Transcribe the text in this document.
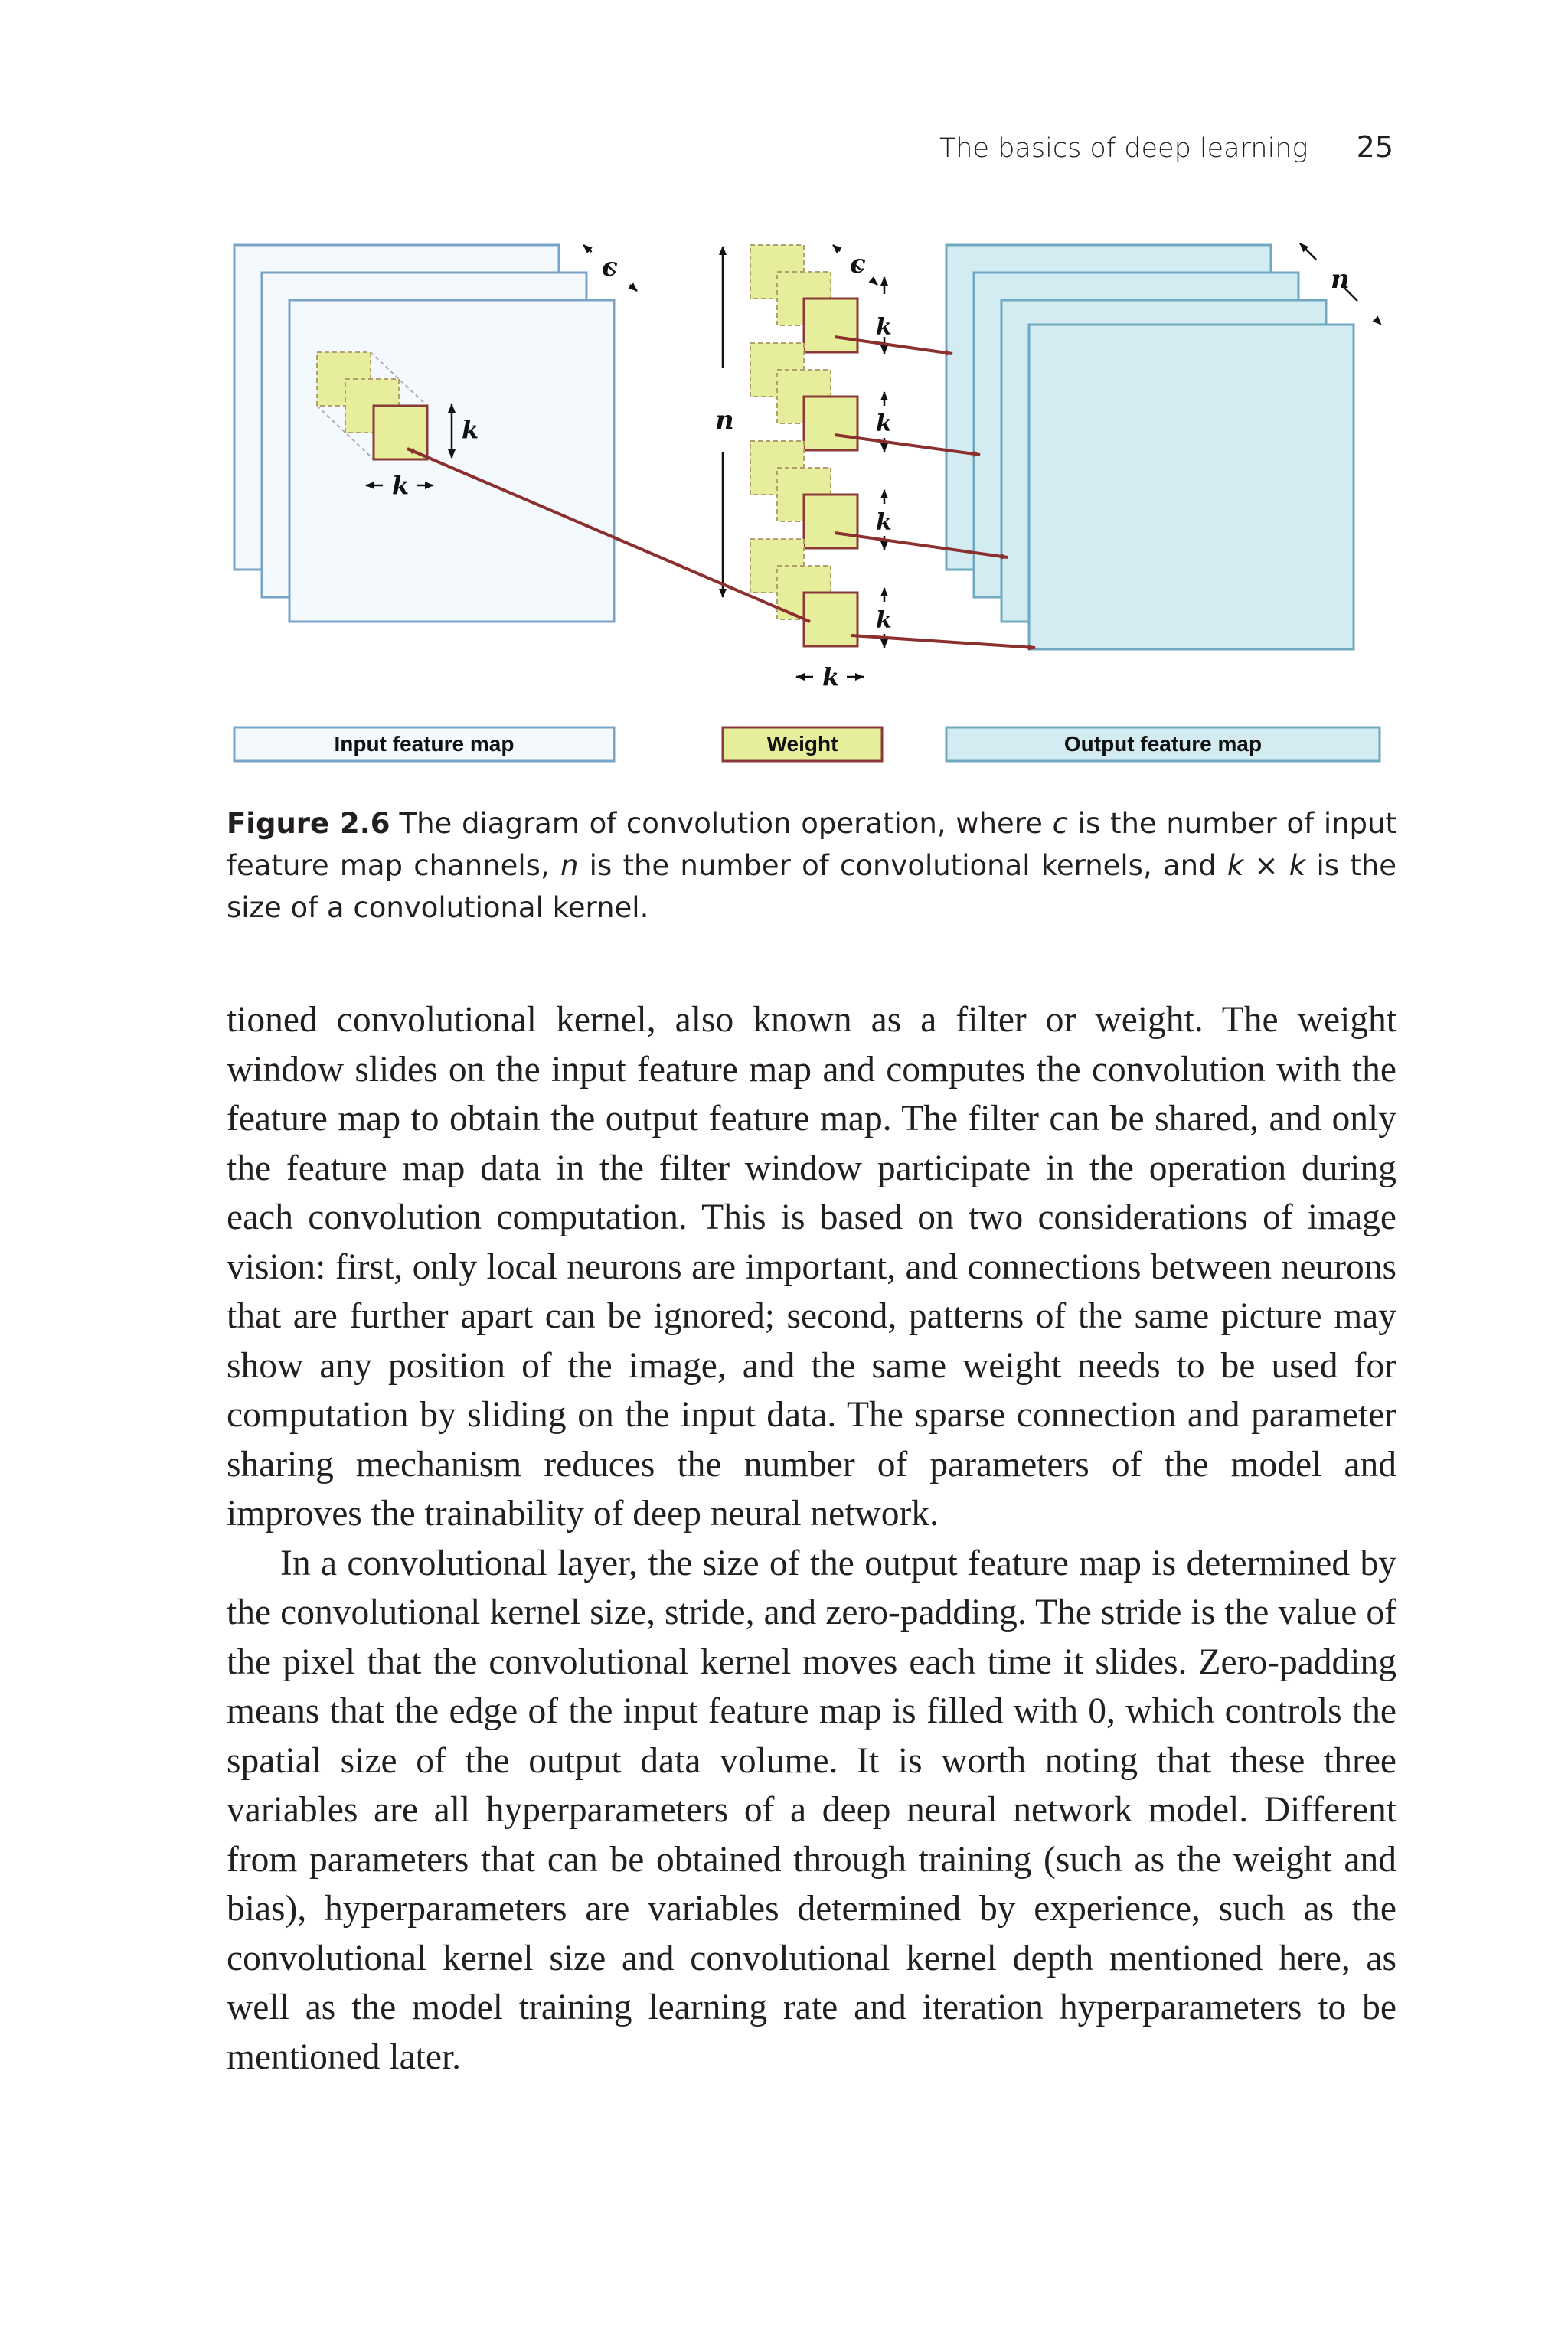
The basics of deep learning 25
k
k
c
n
c
k
k
k
k
k
n
Input feature map	Weight	Output feature map
Figure 2.6 The diagram of convolution operation, where c is the number of input feature map channels, n is the number of convolutional kernels, and k × k is the size of a convolutional kernel.

tioned convolutional kernel, also known as a filter or weight. The weight window slides on the input feature map and computes the convolution with the feature map to obtain the output feature map. The filter can be shared, and only the feature map data in the filter window participate in the operation during each convolution computation. This is based on two considerations of image vision: first, only local neurons are important, and connections between neurons that are further apart can be ignored; second, patterns of the same picture may show any position of the image, and the same weight needs to be used for computation by sliding on the input data. The sparse connection and parameter sharing mechanism reduces the number of parameters of the model and improves the trainability of deep neural network.

In a convolutional layer, the size of the output feature map is determined by the convolutional kernel size, stride, and zero-padding. The stride is the value of the pixel that the convolutional kernel moves each time it slides. Zero-padding means that the edge of the input feature map is filled with 0, which controls the spatial size of the output data volume. It is worth noting that these three variables are all hyperparameters of a deep neural network model. Different from parameters that can be obtained through training (such as the weight and bias), hyperparameters are variables determined by experience, such as the convolutional kernel size and convolutional kernel depth mentioned here, as well as the model training learning rate and iteration hyperparameters to be mentioned later.
